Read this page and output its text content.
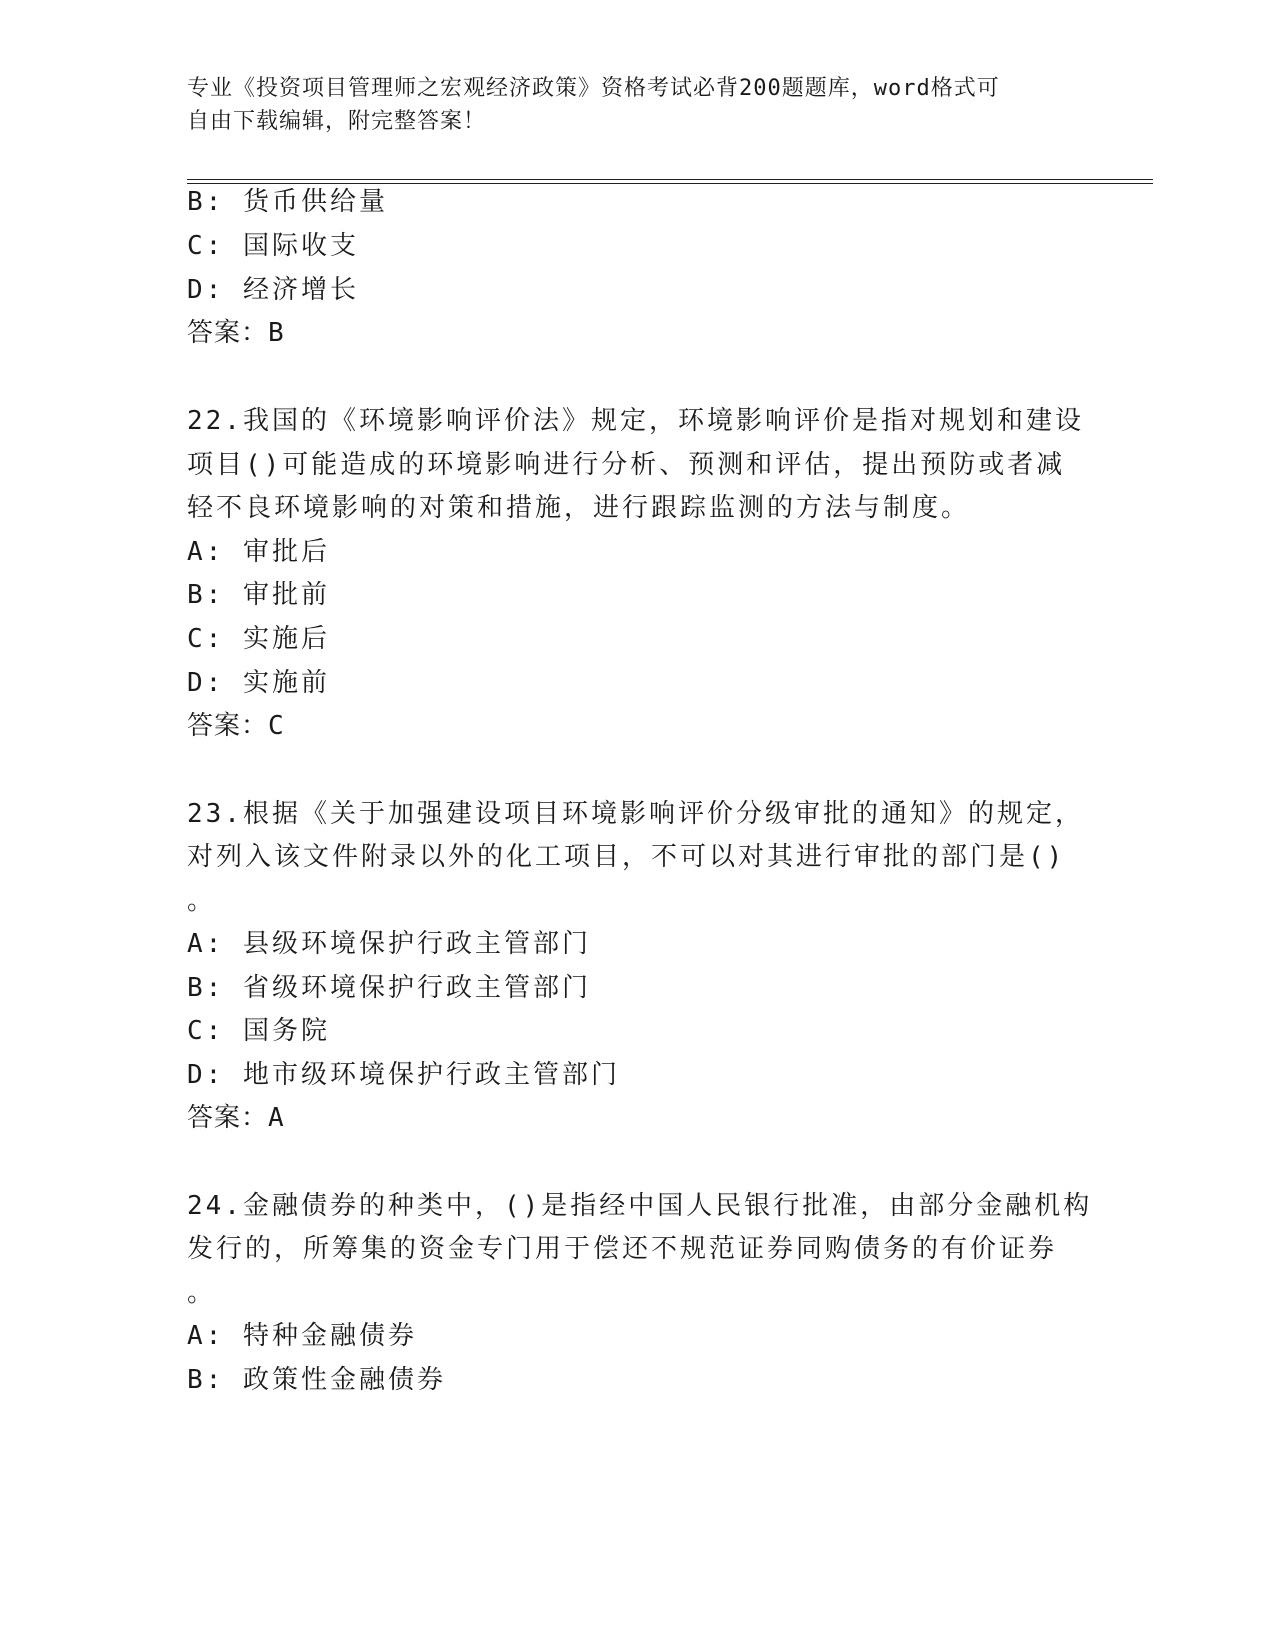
专业《投资项目管理师之宏观经济政策》资格考试必背200题题库，word格式可
自由下载编辑，附完整答案！
B: 货币供给量
C: 国际收支
D: 经济增长
答案：B
22.我国的《环境影响评价法》规定，环境影响评价是指对规划和建设
项目()可能造成的环境影响进行分析、预测和评估，提出预防或者减
轻不良环境影响的对策和措施，进行跟踪监测的方法与制度。
A: 审批后
B: 审批前
C: 实施后
D: 实施前
答案：C
23.根据《关于加强建设项目环境影响评价分级审批的通知》的规定，
对列入该文件附录以外的化工项目，不可以对其进行审批的部门是()
。
A: 县级环境保护行政主管部门
B: 省级环境保护行政主管部门
C: 国务院
D: 地市级环境保护行政主管部门
答案：A
24.金融债券的种类中，()是指经中国人民银行批准，由部分金融机构
发行的，所筹集的资金专门用于偿还不规范证券同购债务的有价证券
。
A: 特种金融债券
B: 政策性金融债券
